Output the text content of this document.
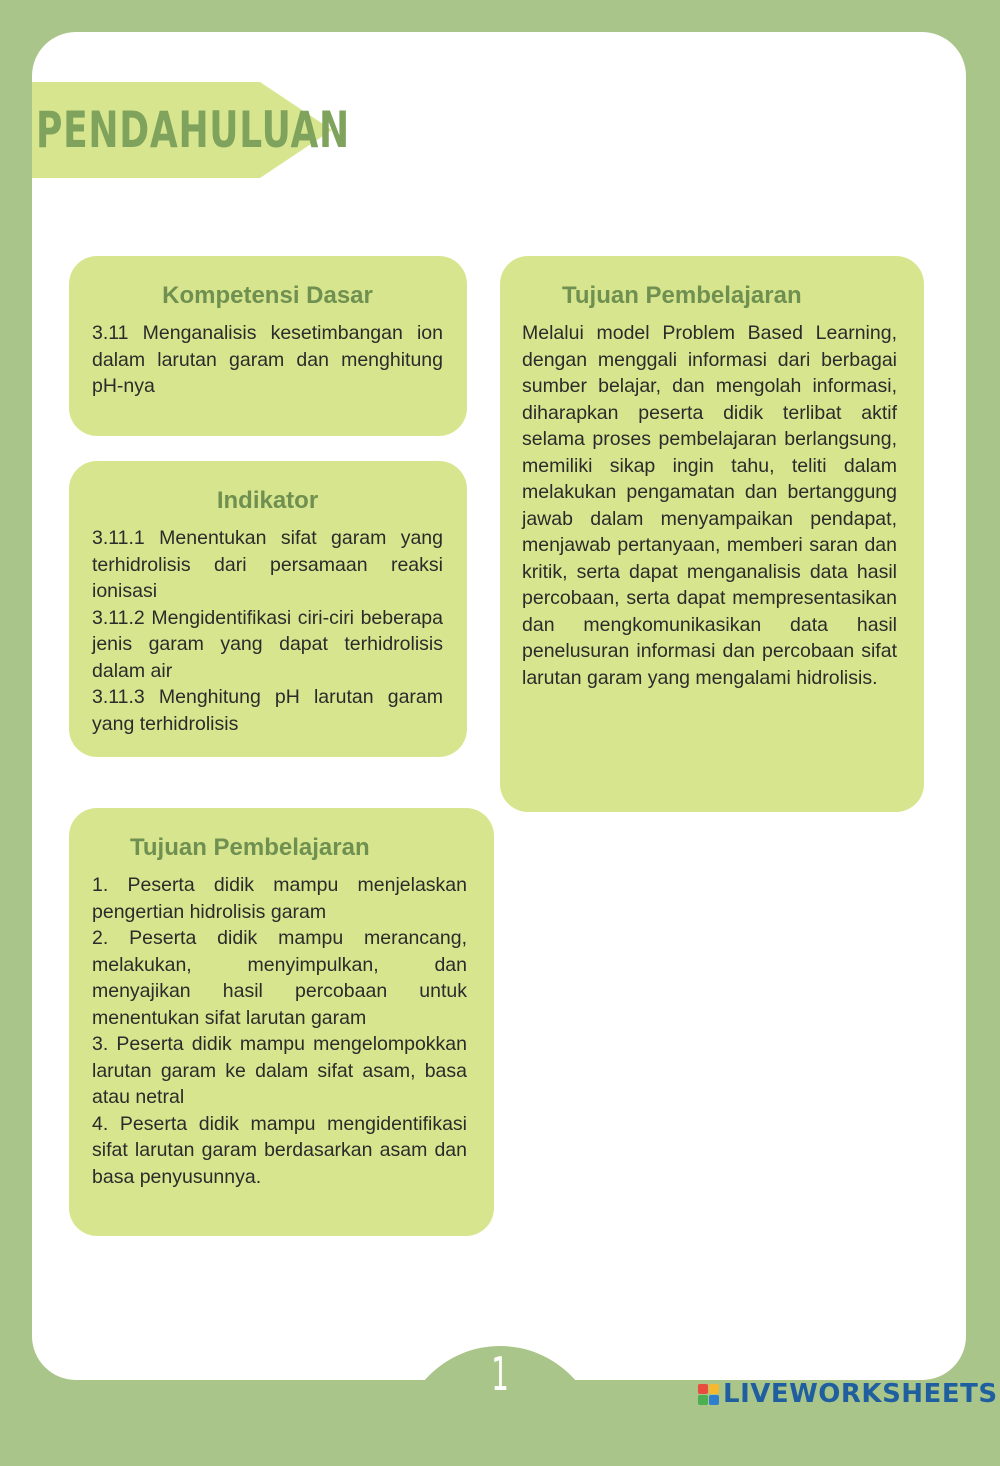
PENDAHULUAN
Kompetensi Dasar

3.11 Menganalisis kesetimbangan ion dalam larutan garam dan menghitung pH-nya

Indikator

3.11.1 Menentukan sifat garam yang terhidrolisis dari persamaan reaksi ionisasi

3.11.2 Mengidentifikasi ciri-ciri beberapa jenis garam yang dapat terhidrolisis dalam air

3.11.3 Menghitung pH larutan garam yang terhidrolisis

Tujuan Pembelajaran

Melalui model Problem Based Learning, dengan menggali informasi dari berbagai sumber belajar, dan mengolah informasi, diharapkan peserta didik terlibat aktif selama proses pembelajaran berlangsung, memiliki sikap ingin tahu, teliti dalam melakukan pengamatan dan bertanggung jawab dalam menyampaikan pendapat, menjawab pertanyaan, memberi saran dan kritik, serta dapat menganalisis data hasil percobaan, serta dapat mempresentasikan dan mengkomunikasikan data hasil penelusuran informasi dan percobaan sifat larutan garam yang mengalami hidrolisis.

Tujuan Pembelajaran

1. Peserta didik mampu menjelaskan pengertian hidrolisis garam

2. Peserta didik mampu merancang, melakukan, menyimpulkan, dan menyajikan hasil percobaan untuk menentukan sifat larutan garam

3. Peserta didik mampu mengelompokkan larutan garam ke dalam sifat asam, basa atau netral

4. Peserta didik mampu mengidentifikasi sifat larutan garam berdasarkan asam dan basa penyusunnya.

1	LIVEWORKSHEETS
